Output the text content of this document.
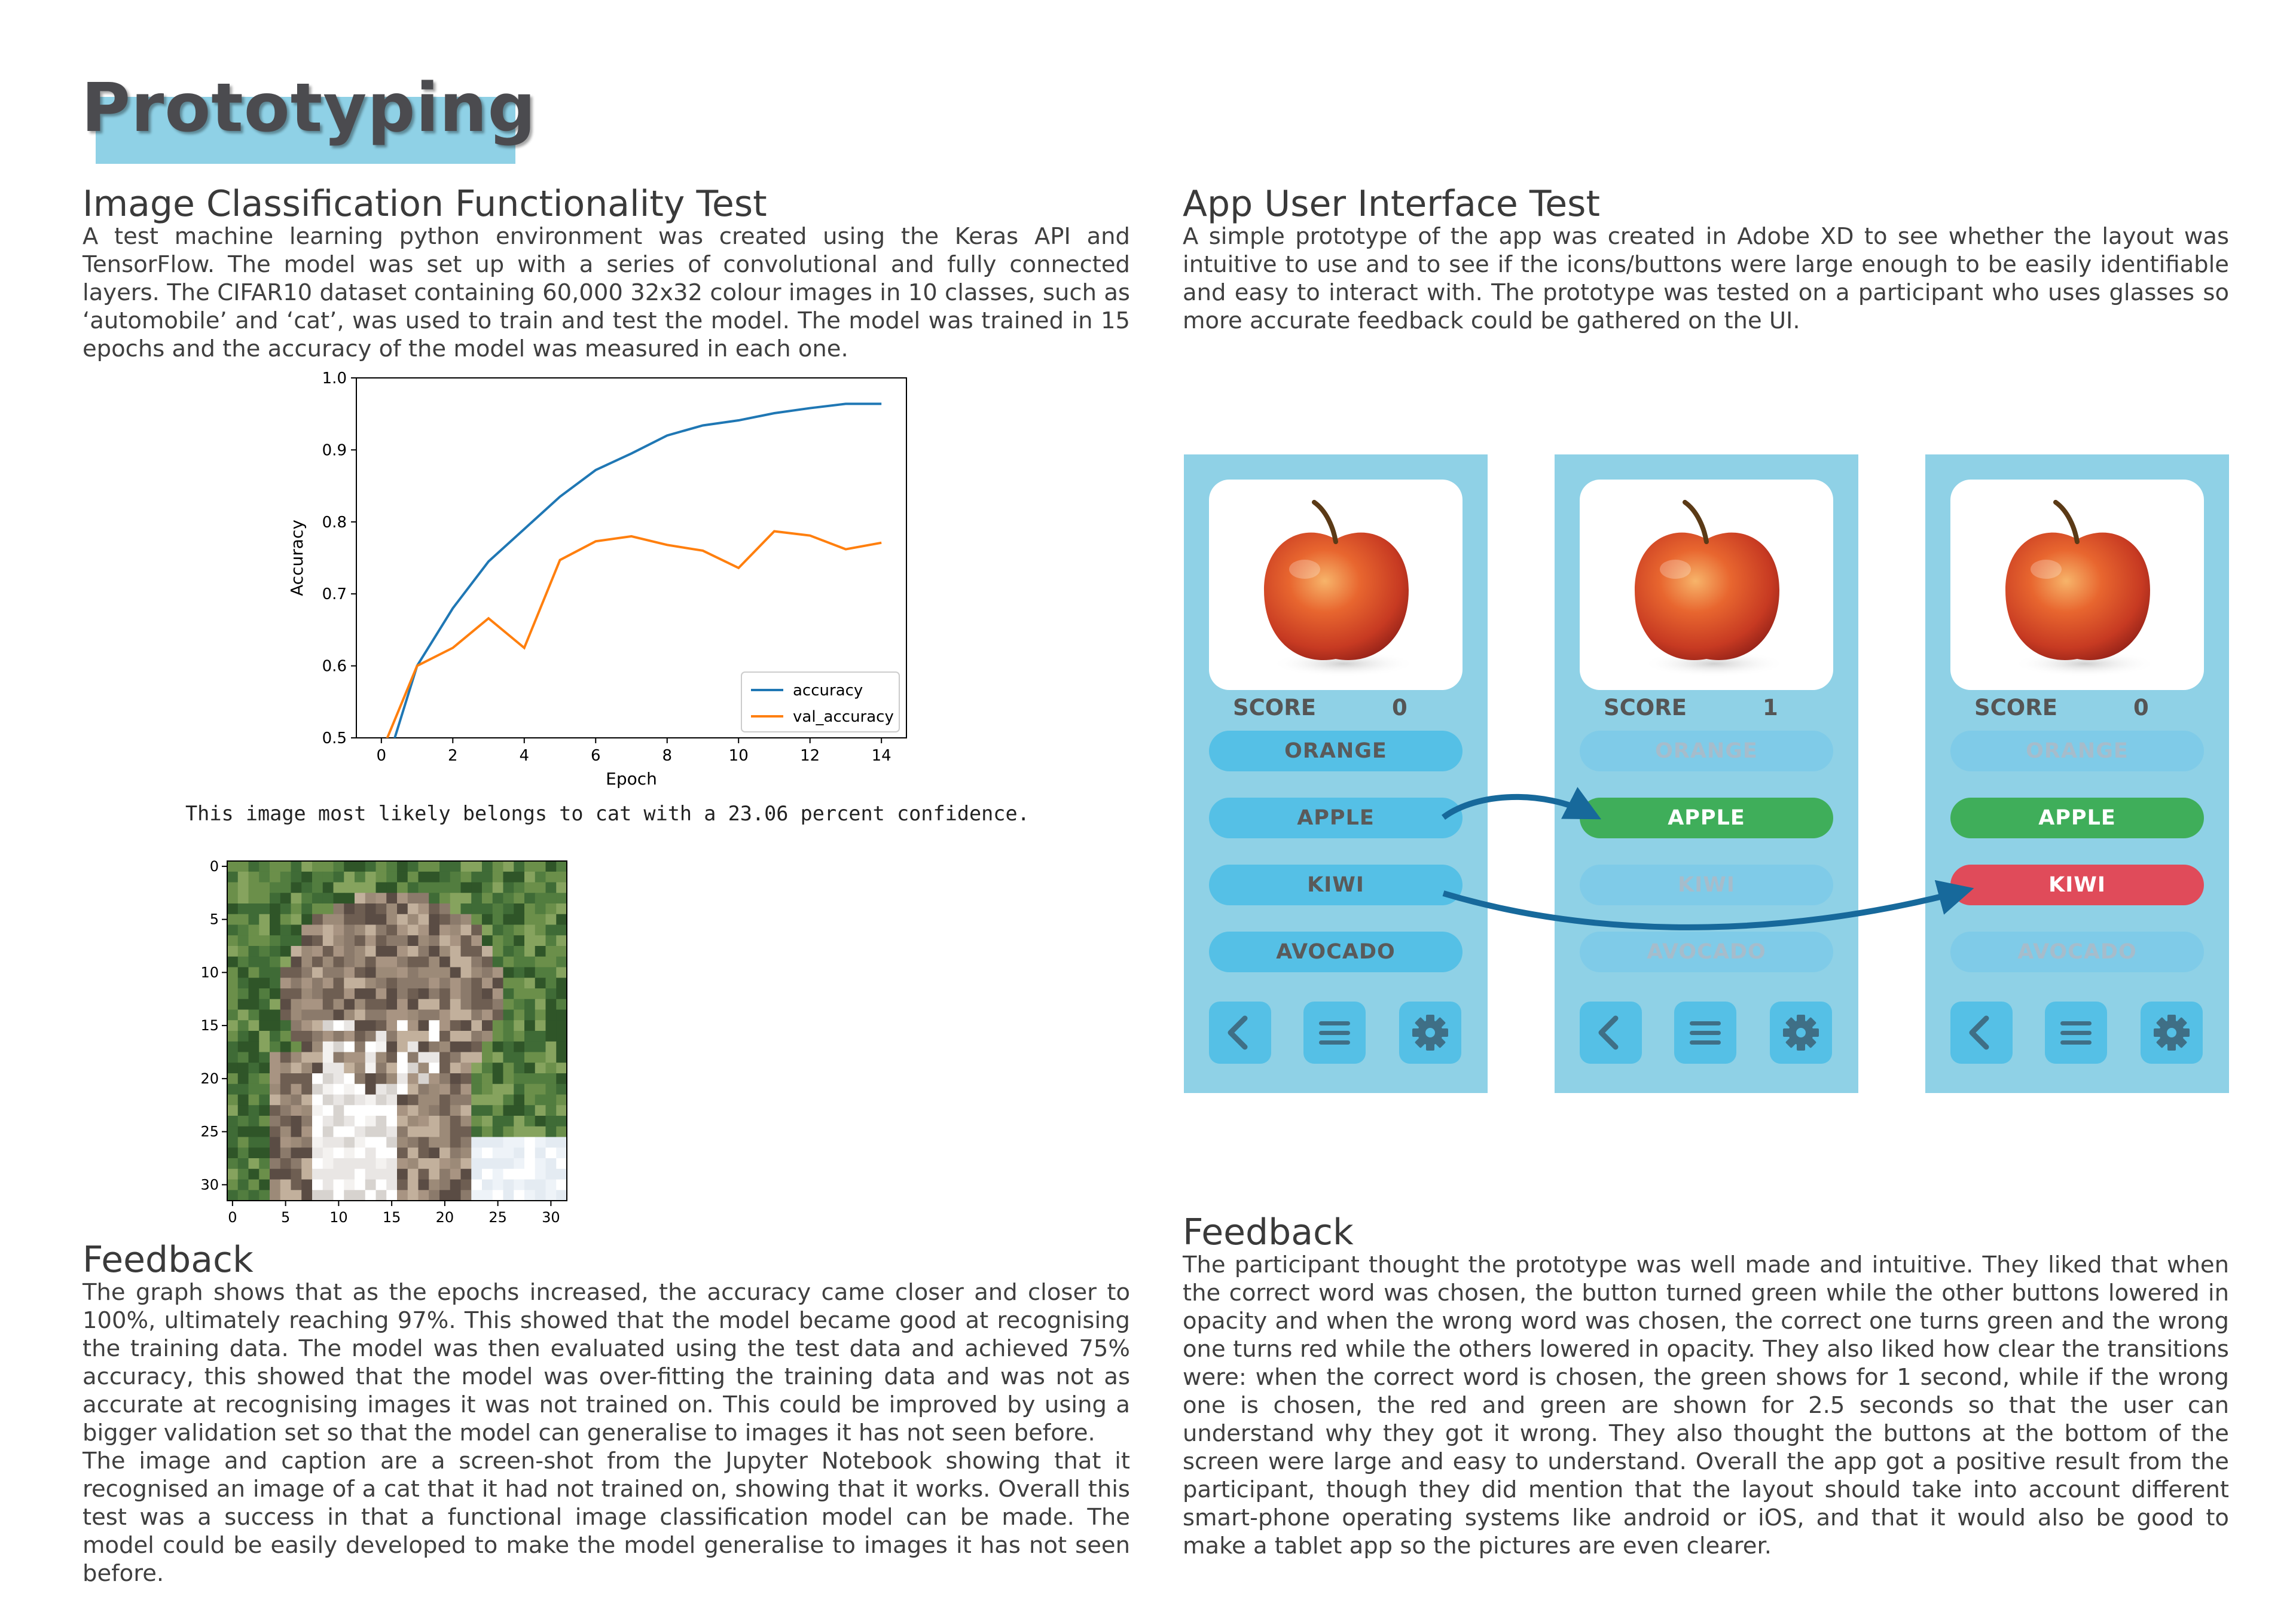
Prototyping
Image Classification Functionality Test

A test machine learning python environment was created using the Keras API and TensorFlow. The model was set up with a series of convolutional and fully connected layers. The CIFAR10 dataset containing 60,000 32x32 colour images in 10 classes, such as ‘automobile’ and ‘cat’, was used to train and test the model. The model was trained in 15 epochs and the accuracy of the model was measured in each one.

0	2	4	6	8	10	12	14
0.5
0.6
0.7
0.8
0.9
1.0
Epoch
Accuracy
accuracy
val_accuracy
This image most likely belongs to cat with a 23.06 percent confidence.
0	5	10 15 20 25 30
0
5
10
15
20
25
30
Feedback

The graph shows that as the epochs increased, the accuracy came closer and closer to 100%, ultimately reaching 97%. This showed that the model became good at recognising the training data. The model was then evaluated using the test data and achieved 75% accuracy, this showed that the model was over-fitting the training data and was not as accurate at recognising images it was not trained on. This could be improved by using a bigger validation set so that the model can generalise to images it has not seen before.

The image and caption are a screen-shot from the Jupyter Notebook showing that it recognised an image of a cat that it had not trained on, showing that it works. Overall this test was a success in that a functional image classification model can be made. The model could be easily developed to make the model generalise to images it has not seen before.

App User Interface Test

A simple prototype of the app was created in Adobe XD to see whether the layout was intuitive to use and to see if the icons/buttons were large enough to be easily identifiable and easy to interact with. The prototype was tested on a participant who uses glasses so more accurate feedback could be gathered on the UI.

SCORE	0
ORANGE
APPLE
KIWI
AVOCADO
SCORE	1
ORANGE
APPLE
KIWI
AVOCADO
SCORE	0
ORANGE
APPLE
KIWI
AVOCADO
Feedback

The participant thought the prototype was well made and intuitive. They liked that when the correct word was chosen, the button turned green while the other buttons lowered in opacity and when the wrong word was chosen, the correct one turns green and the wrong one turns red while the others lowered in opacity. They also liked how clear the transitions were: when the correct word is chosen, the green shows for 1 second, while if the wrong one is chosen, the red and green are shown for 2.5 seconds so that the user can understand why they got it wrong. They also thought the buttons at the bottom of the screen were large and easy to understand. Overall the app got a positive result from the participant, though they did mention that the layout should take into account different smart-phone operating systems like android or iOS, and that it would also be good to make a tablet app so the pictures are even clearer.
